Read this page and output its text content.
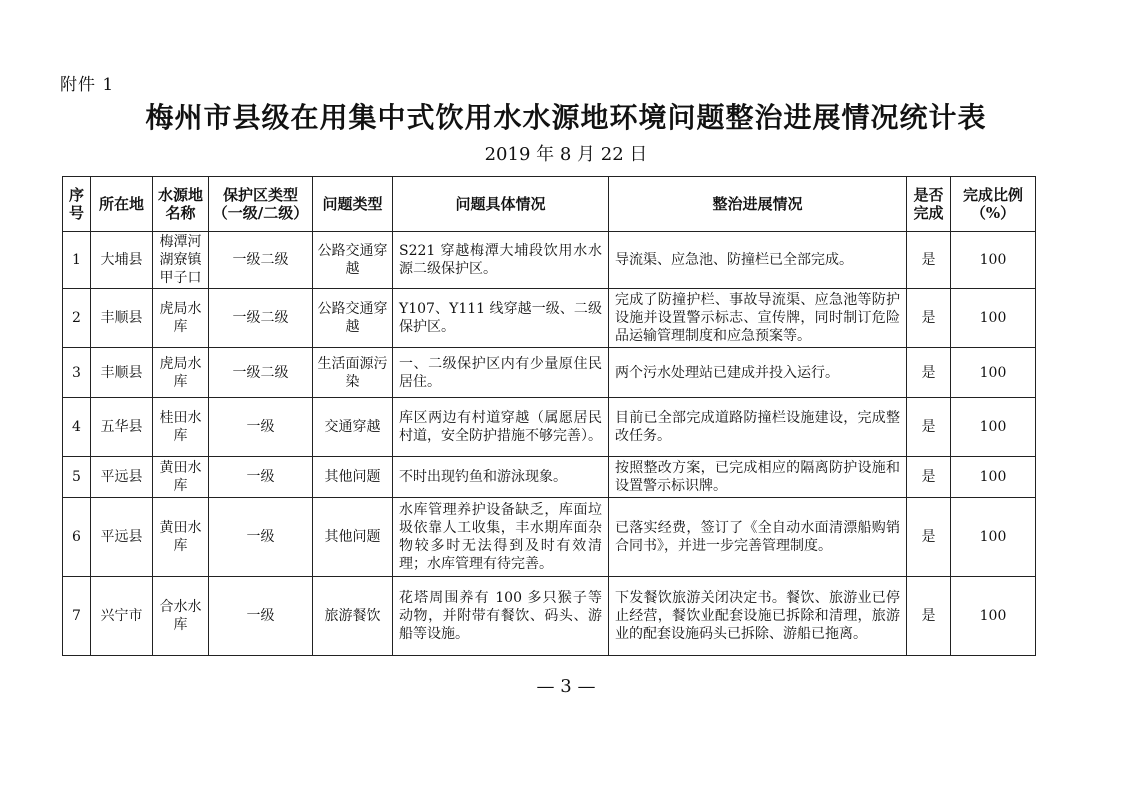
附件 1
梅州市县级在用集中式饮用水水源地环境问题整治进展情况统计表
2019 年 8 月 22 日
序号	所在地	水源地名称	保护区类型（一级/二级）	问题类型	问题具体情况	整治进展情况	是否完成	完成比例（%）
1	大埔县	梅潭河湖寮镇甲子口	一级二级	公路交通穿越	S221 穿越梅潭大埔段饮用水水源二级保护区。	导流渠、应急池、防撞栏已全部完成。	是	100
2	丰顺县	虎局水库	一级二级	公路交通穿越	Y107、Y111 线穿越一级、二级保护区。	完成了防撞护栏、事故导流渠、应急池等防护设施并设置警示标志、宣传牌，同时制订危险品运输管理制度和应急预案等。	是	100
3	丰顺县	虎局水库	一级二级	生活面源污染	一、二级保护区内有少量原住民居住。	两个污水处理站已建成并投入运行。	是	100
4	五华县	桂田水库	一级	交通穿越	库区两边有村道穿越（属愿居民村道，安全防护措施不够完善）。	目前已全部完成道路防撞栏设施建设，完成整改任务。	是	100
5	平远县	黄田水库	一级	其他问题	不时出现钓鱼和游泳现象。	按照整改方案，已完成相应的隔离防护设施和设置警示标识牌。	是	100
6	平远县	黄田水库	一级	其他问题	水库管理养护设备缺乏，库面垃圾依靠人工收集，丰水期库面杂物较多时无法得到及时有效清理；水库管理有待完善。	已落实经费，签订了《全自动水面清漂船购销合同书》，并进一步完善管理制度。	是	100
7	兴宁市	合水水库	一级	旅游餐饮	花塔周围养有 100 多只猴子等动物，并附带有餐饮、码头、游船等设施。	下发餐饮旅游关闭决定书。餐饮、旅游业已停止经营，餐饮业配套设施已拆除和清理，旅游业的配套设施码头已拆除、游船已拖离。	是	100
— 3 —
